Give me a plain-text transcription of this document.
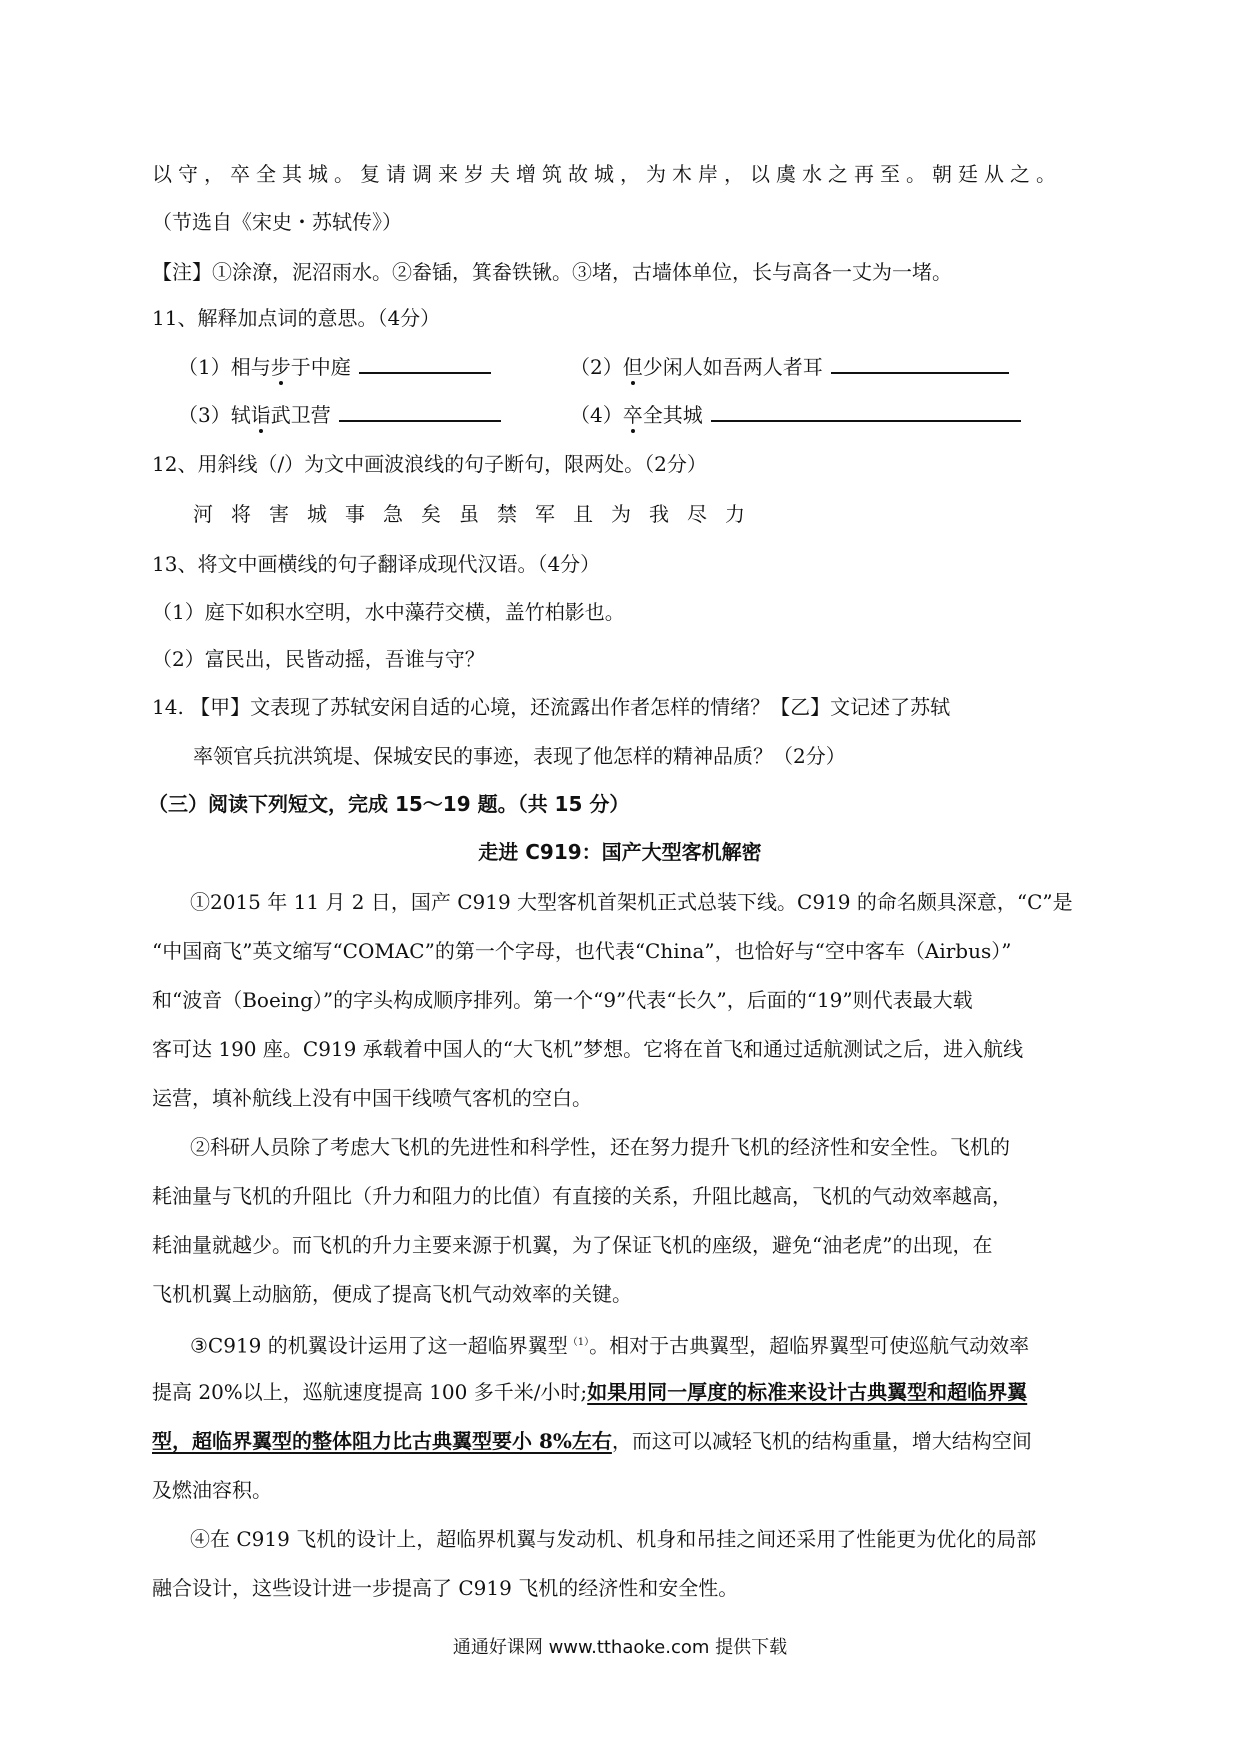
以守，卒全其城。复请调来岁夫增筑故城，为木岸，以虞水之再至。朝廷从之。
（节选自《宋史・苏轼传》）
【注】①涂潦，泥沼雨水。②畚锸，箕畚铁锹。③堵，古墙体单位，长与高各一丈为一堵。
11、解释加点词的意思。（4分）
（1）相与步于中庭	（2）但少闲人如吾两人者耳
（3）轼诣武卫营	（4）卒全其城
12、用斜线（/）为文中画波浪线的句子断句，限两处。（2分）
河将害城事急矣虽禁军且为我尽力
13、将文中画横线的句子翻译成现代汉语。（4分）
（1）庭下如积水空明，水中藻荇交横，盖竹柏影也。
（2）富民出，民皆动摇，吾谁与守？
14. 【甲】文表现了苏轼安闲自适的心境，还流露出作者怎样的情绪？【乙】文记述了苏轼
率领官兵抗洪筑堤、保城安民的事迹，表现了他怎样的精神品质？（2分）
（三）阅读下列短文，完成 15～19 题。（共 15 分）
走进 C919：国产大型客机解密
①2015 年 11 月 2 日，国产 C919 大型客机首架机正式总装下线。C919 的命名颇具深意，“C”是
“中国商飞”英文缩写“COMAC”的第一个字母，也代表“China”，也恰好与“空中客车（Airbus）”
和“波音（Boeing）”的字头构成顺序排列。第一个“9”代表“长久”，后面的“19”则代表最大载
客可达 190 座。C919 承载着中国人的“大飞机”梦想。它将在首飞和通过适航测试之后，进入航线
运营，填补航线上没有中国干线喷气客机的空白。
②科研人员除了考虑大飞机的先进性和科学性，还在努力提升飞机的经济性和安全性。飞机的
耗油量与飞机的升阻比（升力和阻力的比值）有直接的关系，升阻比越高，飞机的气动效率越高，
耗油量就越少。而飞机的升力主要来源于机翼，为了保证飞机的座级，避免“油老虎”的出现，在
飞机机翼上动脑筋，便成了提高飞机气动效率的关键。
③C919 的机翼设计运用了这一超临界翼型$^{(1)}$。相对于古典翼型，超临界翼型可使巡航气动效率
提高 20%以上，巡航速度提高 100 多千米/小时;如果用同一厚度的标准来设计古典翼型和超临界翼
型，超临界翼型的整体阻力比古典翼型要小 8%左右，而这可以减轻飞机的结构重量，增大结构空间
及燃油容积。
④在 C919 飞机的设计上，超临界机翼与发动机、机身和吊挂之间还采用了性能更为优化的局部
融合设计，这些设计进一步提高了 C919 飞机的经济性和安全性。
通通好课网 www.tthaoke.com 提供下载
